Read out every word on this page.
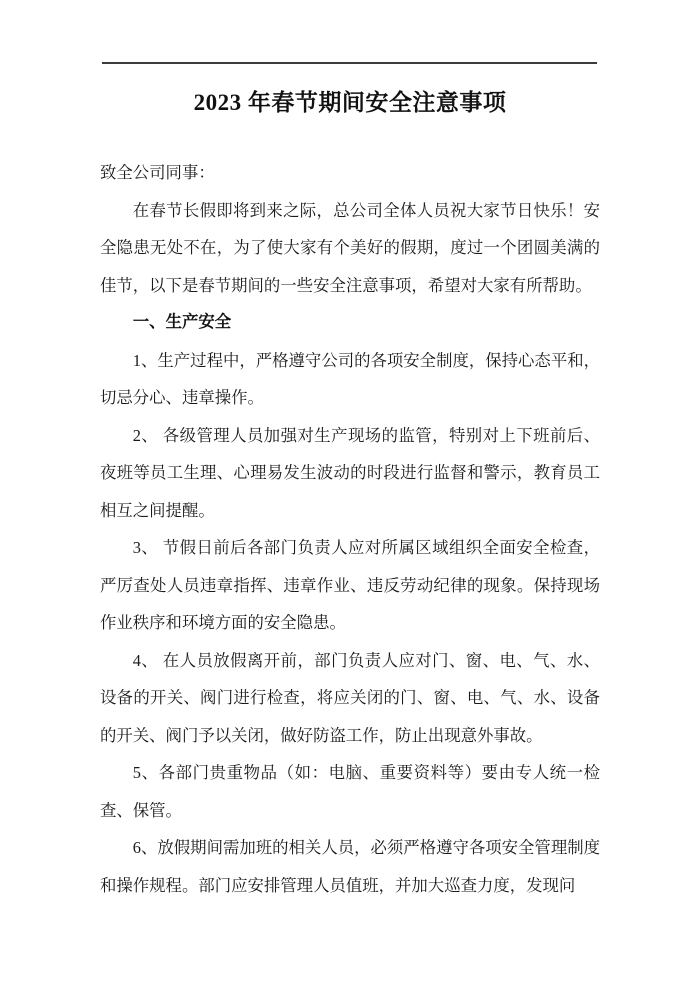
2023 年春节期间安全注意事项

致全公司同事：

在春节长假即将到来之际，总公司全体人员祝大家节日快乐！安全隐患无处不在，为了使大家有个美好的假期，度过一个团圆美满的佳节，以下是春节期间的一些安全注意事项，希望对大家有所帮助。

一、生产安全

1、生产过程中，严格遵守公司的各项安全制度，保持心态平和，切忌分心、违章操作。

2、 各级管理人员加强对生产现场的监管，特别对上下班前后、夜班等员工生理、心理易发生波动的时段进行监督和警示，教育员工相互之间提醒。

3、 节假日前后各部门负责人应对所属区域组织全面安全检查，严厉查处人员违章指挥、违章作业、违反劳动纪律的现象。保持现场作业秩序和环境方面的安全隐患。

4、 在人员放假离开前，部门负责人应对门、窗、电、气、水、设备的开关、阀门进行检查，将应关闭的门、窗、电、气、水、设备的开关、阀门予以关闭，做好防盗工作，防止出现意外事故。

5、各部门贵重物品（如：电脑、重要资料等）要由专人统一检查、保管。

6、放假期间需加班的相关人员，必须严格遵守各项安全管理制度和操作规程。部门应安排管理人员值班，并加大巡查力度，发现问
